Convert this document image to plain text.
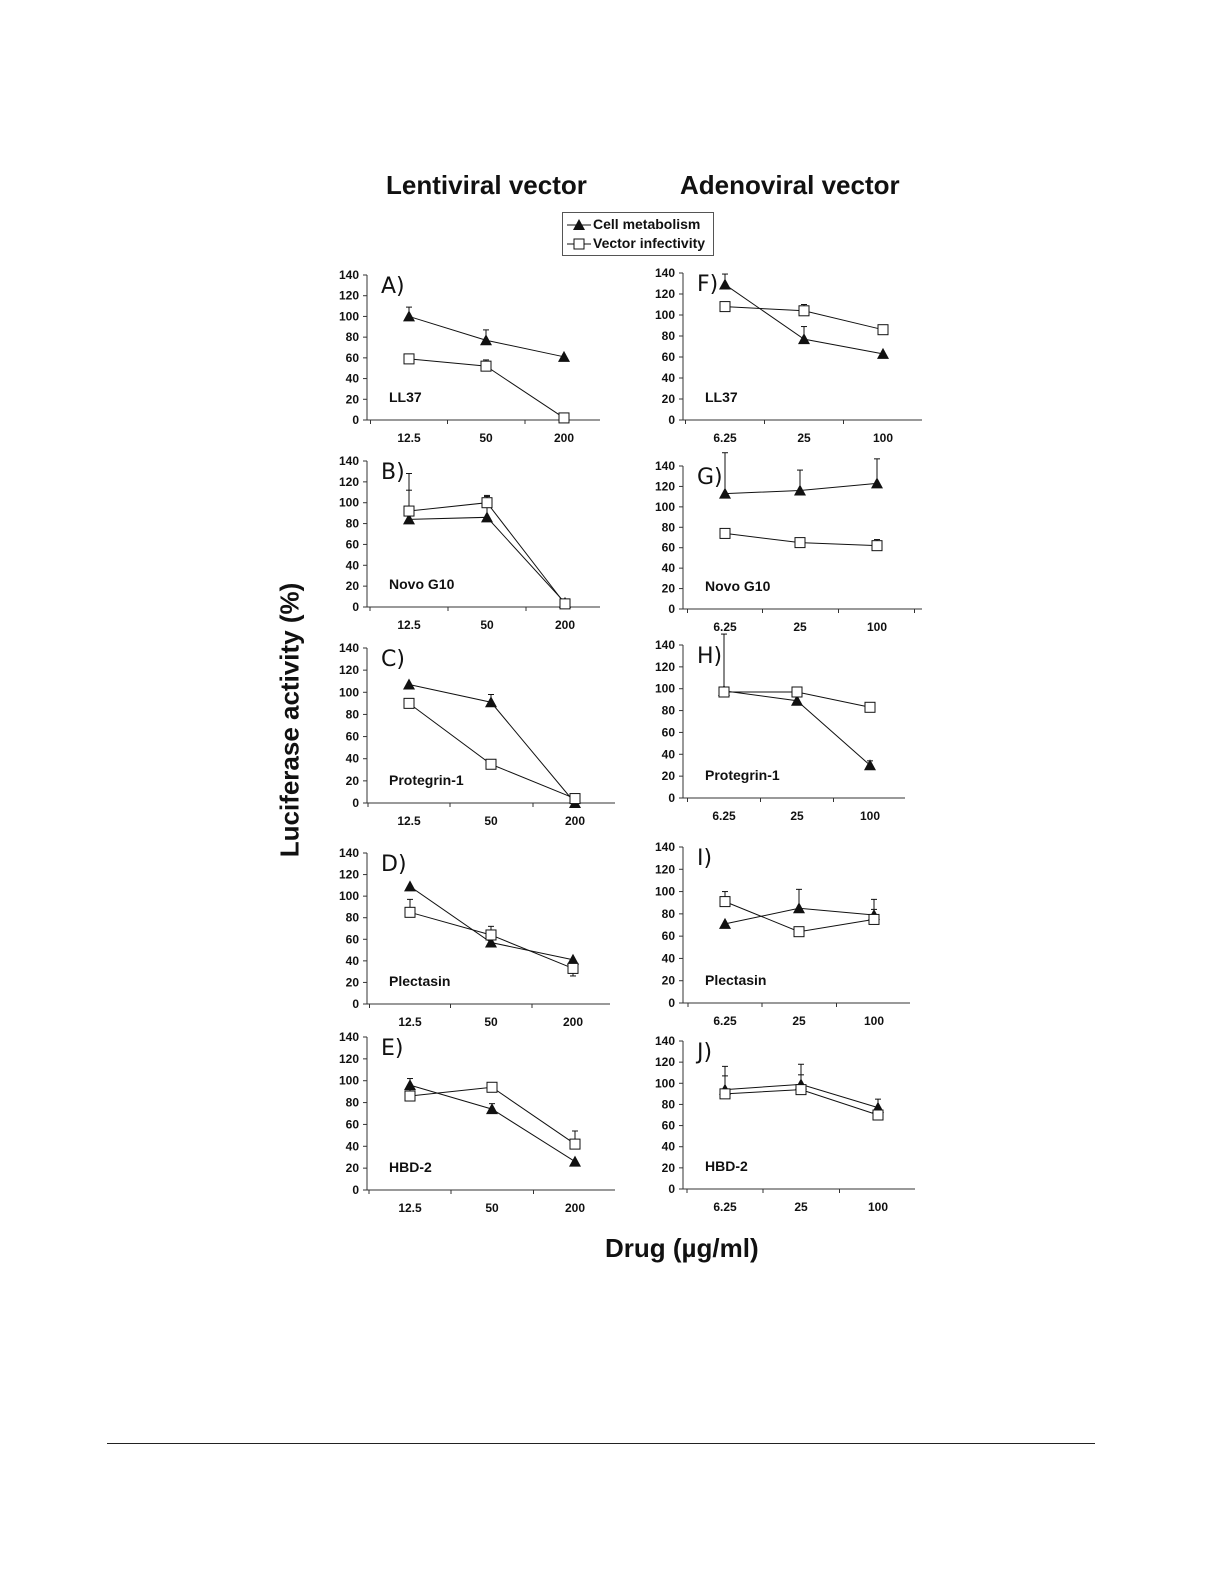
Lentiviral vector	Adenoviral vector
Cell metabolism
Vector infectivity
Luciferase activity (%)
Drug (µg/ml)
0
20
40
60
80
100
120
140
12.5	50	200
A)
LL37
0
20
40
60
80
100
120
140
12.5	50	200
B)
Novo G10
0
20
40
60
80
100
120
140
12.5	50	200
C)
Protegrin-1
0
20
40
60
80
100
120
140
12.5	50	200
D)
Plectasin
0
20
40
60
80
100
120
140
12.5	50	200
E)
HBD-2
0
20
40
60
80
100
120
140
6.25	25	100
F)
LL37
0
20
40
60
80
100
120
140
6.25	25	100
G)
Novo G10
0
20
40
60
80
100
120
140
6.25	25	100
H)
Protegrin-1
0
20
40
60
80
100
120
140
6.25	25	100
I)
Plectasin
0
20
40
60
80
100
120
140
6.25	25	100
J)
HBD-2
